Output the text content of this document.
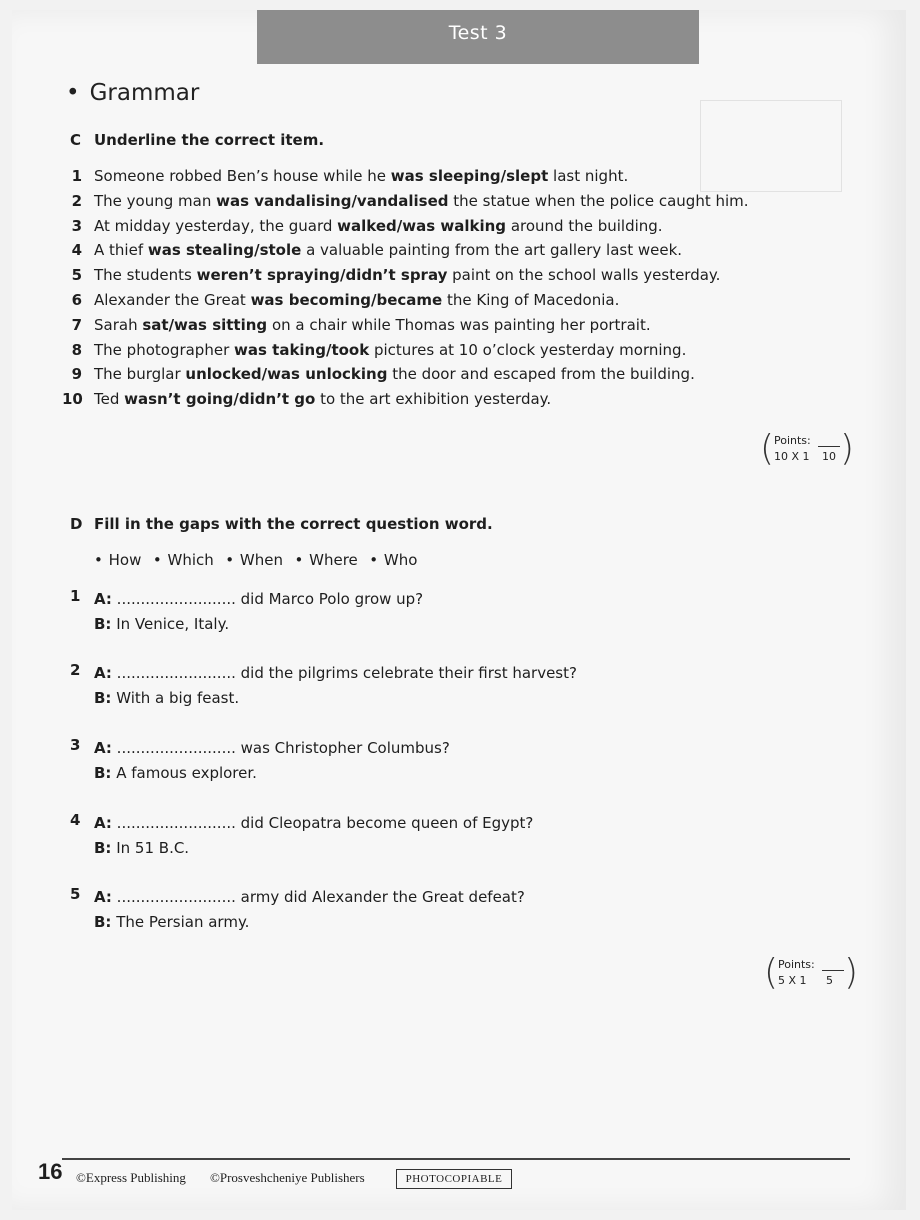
Test 3
• Grammar
C Underline the correct item.
1 Someone robbed Ben’s house while he was sleeping/slept last night.
2 The young man was vandalising/vandalised the statue when the police caught him.
3 At midday yesterday, the guard walked/was walking around the building.
4 A thief was stealing/stole a valuable painting from the art gallery last week.
5 The students weren’t spraying/didn’t spray paint on the school walls yesterday.
6 Alexander the Great was becoming/became the King of Macedonia.
7 Sarah sat/was sitting on a chair while Thomas was painting her portrait.
8 The photographer was taking/took pictures at 10 o’clock yesterday morning.
9 The burglar unlocked/was unlocking the door and escaped from the building.
10 Ted wasn’t going/didn’t go to the art exhibition yesterday.
( Points:
10 X 1 10 )
D Fill in the gaps with the correct question word.
• How  • Which  • When  • Where  • Who
1 A: ......................... did Marco Polo grow up?
B: In Venice, Italy.
2 A: ......................... did the pilgrims celebrate their first harvest?
B: With a big feast.
3 A: ......................... was Christopher Columbus?
B: A famous explorer.
4 A: ......................... did Cleopatra become queen of Egypt?
B: In 51 B.C.
5 A: ......................... army did Alexander the Great defeat?
B: The Persian army.
( Points:
5 X 1 5 )
16 ©Express Publishing ©Prosveshcheniye Publishers	PHOTOCOPIABLE
